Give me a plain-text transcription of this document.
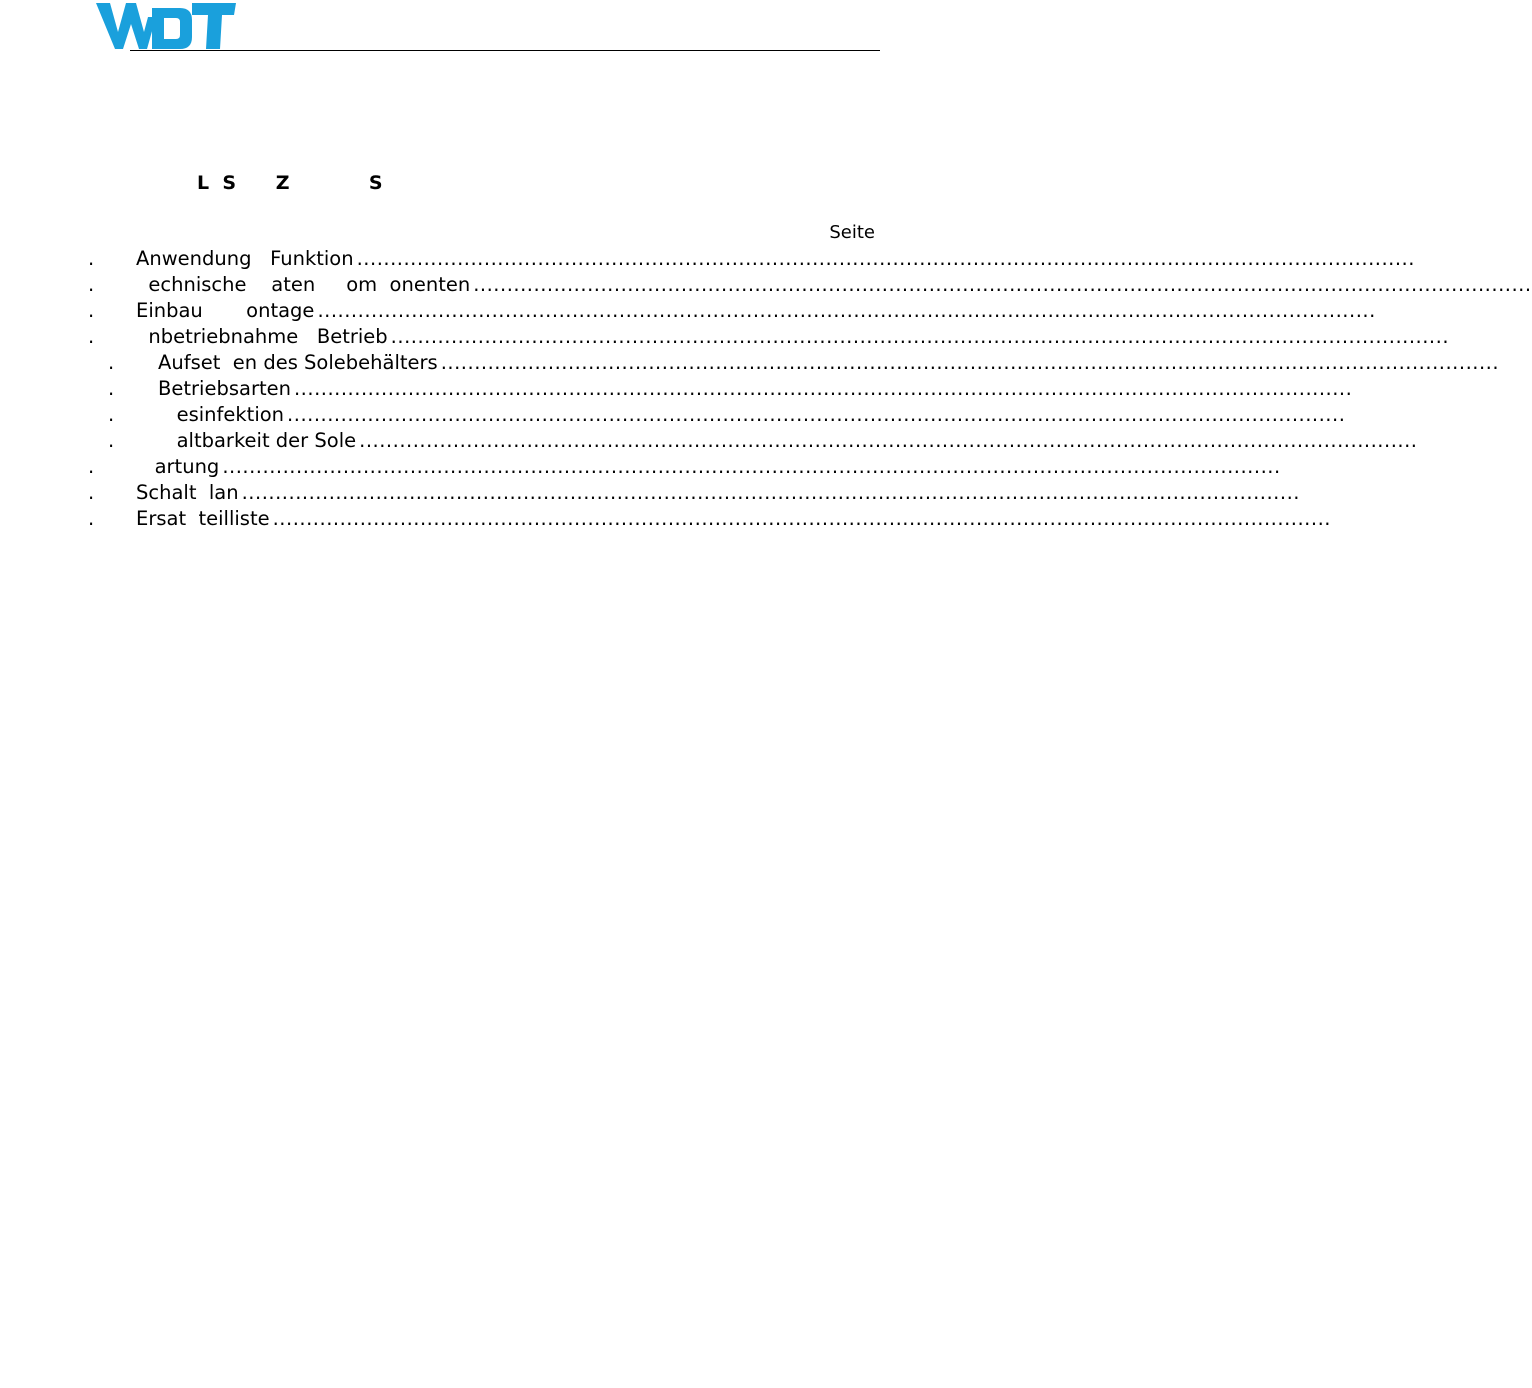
L  S      Z            S
Seite
.	Anwendung   Funktion ..............................................................................................................................................................
.	echnische    aten     om  onenten ..............................................................................................................................................................
.	Einbau       ontage ..............................................................................................................................................................
.	nbetriebnahme   Betrieb ..............................................................................................................................................................
.	Aufset  en des Solebehälters ..............................................................................................................................................................
.	Betriebsarten ..............................................................................................................................................................
.	esinfektion ..............................................................................................................................................................
.	altbarkeit der Sole ..............................................................................................................................................................
.	artung ..............................................................................................................................................................
.	Schalt  lan ..............................................................................................................................................................
.	Ersat  teilliste ..............................................................................................................................................................
